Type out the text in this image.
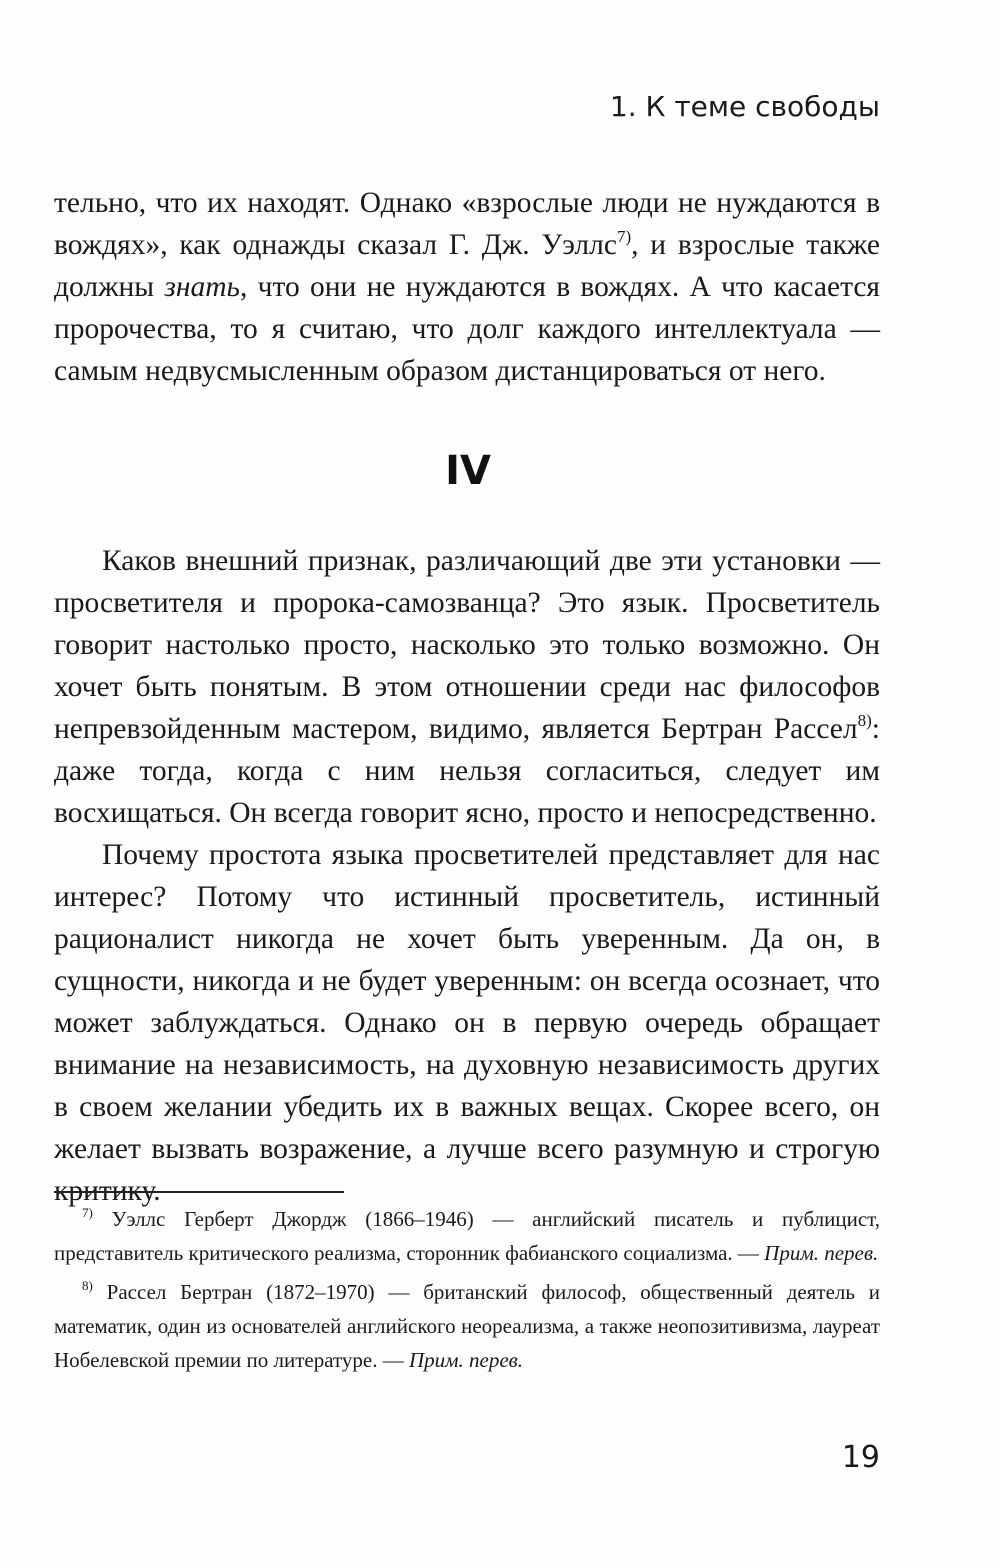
1. К теме свободы

тельно, что их находят. Однако «взрослые люди не нуждаются в вождях», как однажды сказал Г. Дж. Уэллс$^{7)}$, и взрослые также должны знать, что они не нуждаются в вождях. А что касается пророчества, то я считаю, что долг каждого интеллектуала — самым недвусмысленным образом дистанцироваться от него.

IV

Каков внешний признак, различающий две эти установки — просветителя и пророка-самозванца? Это язык. Просветитель говорит настолько просто, насколько это только возможно. Он хочет быть понятым. В этом отношении среди нас философов непревзойденным мастером, видимо, является Бертран Рассел$^{8)}$: даже тогда, когда с ним нельзя согласиться, следует им восхищаться. Он всегда говорит ясно, просто и непосредственно.

Почему простота языка просветителей представляет для нас интерес? Потому что истинный просветитель, истинный рационалист никогда не хочет быть уверенным. Да он, в сущности, никогда и не будет уверенным: он всегда осознает, что может заблуждаться. Однако он в первую очередь обращает внимание на независимость, на духовную независимость других в своем желании убедить их в важных вещах. Скорее всего, он желает вызвать возражение, а лучше всего разумную и строгую критику.

$^{7)}$ Уэллс Герберт Джордж (1866–1946) — английский писатель и публицист, представитель критического реализма, сторонник фабианского социализма. — Прим. перев.

$^{8)}$ Рассел Бертран (1872–1970) — британский философ, общественный деятель и математик, один из основателей английского неореализма, а также неопозитивизма, лауреат Нобелевской премии по литературе. — Прим. перев.

19
